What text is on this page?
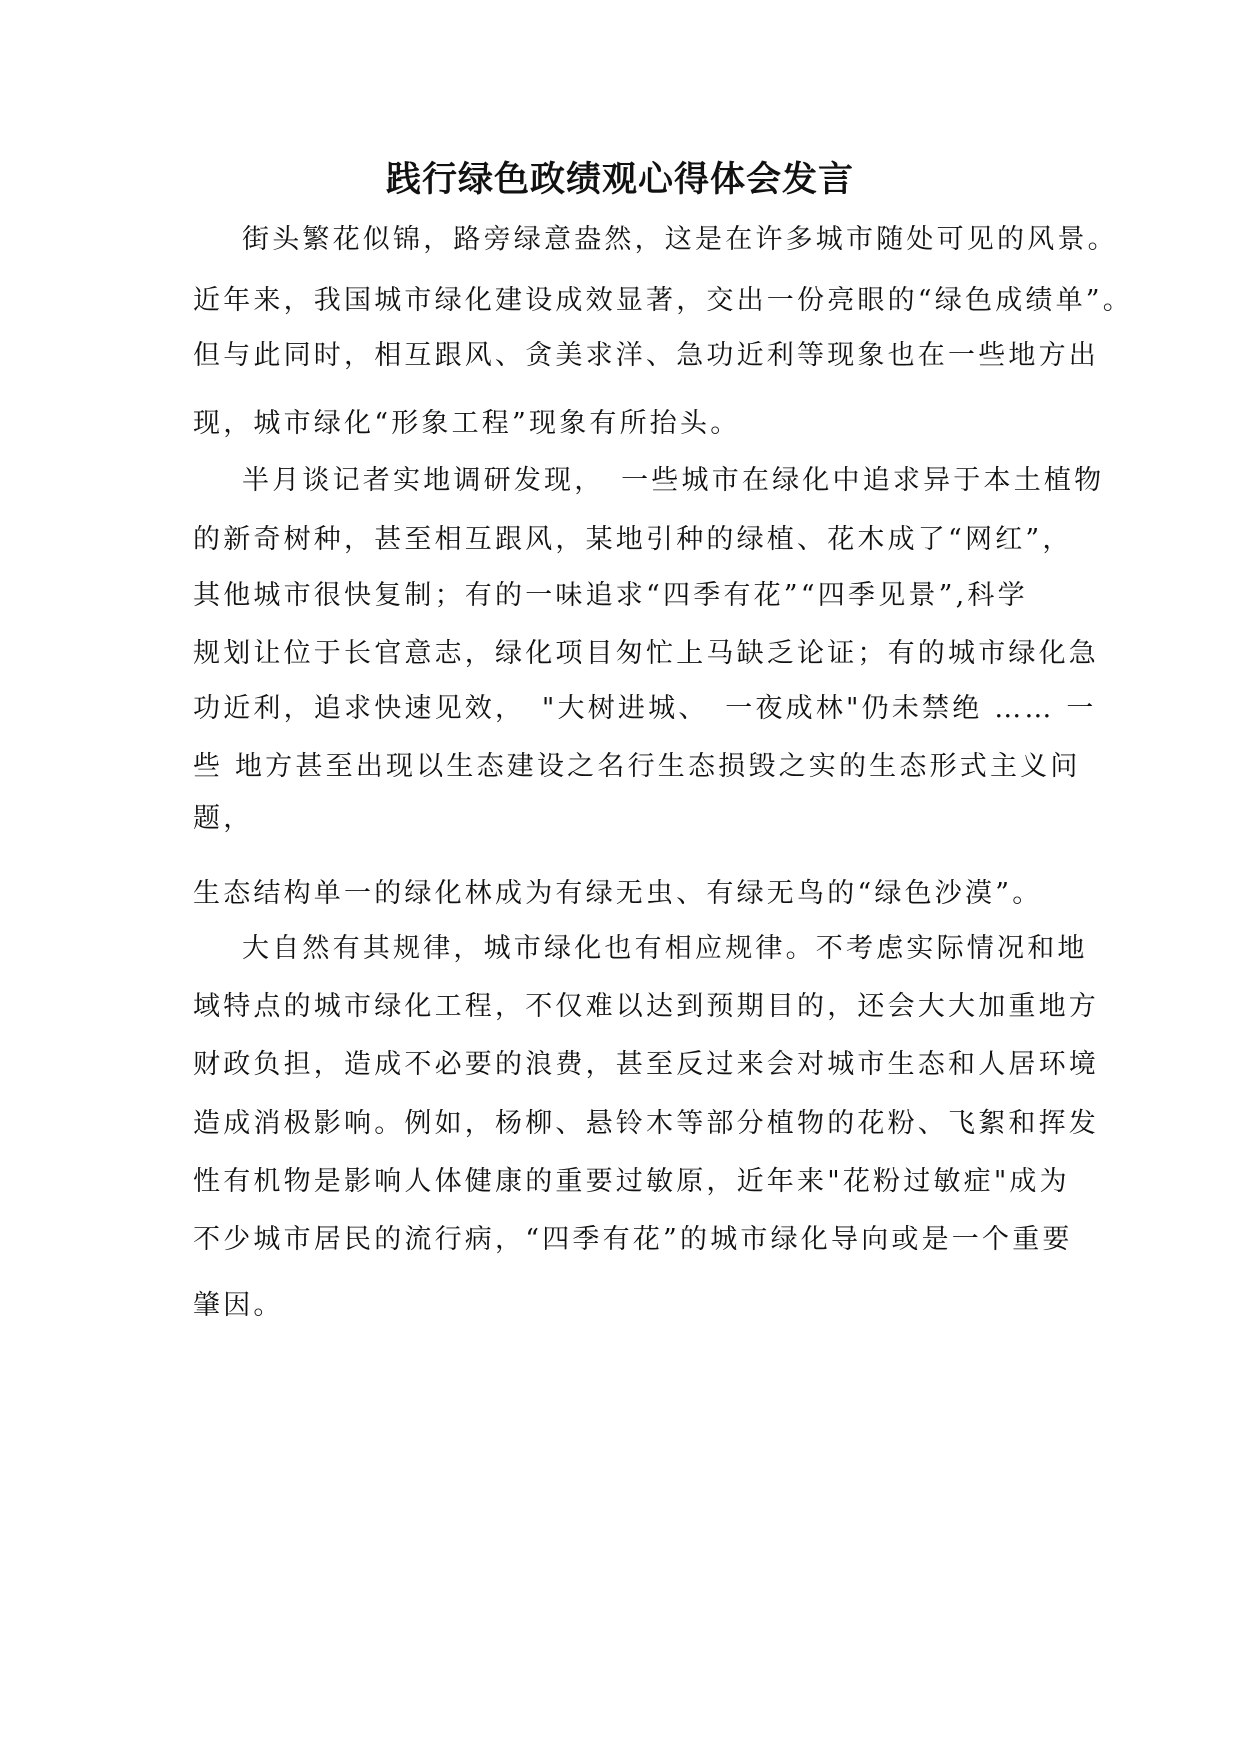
践行绿色政绩观心得体会发言

街头繁花似锦，路旁绿意盎然，这是在许多城市随处可见的风景。

近年来，我国城市绿化建设成效显著，交出一份亮眼的“绿色成绩单”。

但与此同时，相互跟风、贪美求洋、急功近利等现象也在一些地方出

现，城市绿化“形象工程”现象有所抬头。

半月谈记者实地调研发现，　一些城市在绿化中追求异于本土植物

的新奇树种，甚至相互跟风，某地引种的绿植、花木成了“网红”，

其他城市很快复制；有的一味追求“四季有花”“四季见景”,科学

规划让位于长官意志，绿化项目匆忙上马缺乏论证；有的城市绿化急

功近利，追求快速见效，　"大树进城、　一夜成林"仍未禁绝 …… 一

些 地方甚至出现以生态建设之名行生态损毁之实的生态形式主义问

题，

生态结构单一的绿化林成为有绿无虫、有绿无鸟的“绿色沙漠”。

大自然有其规律，城市绿化也有相应规律。不考虑实际情况和地

域特点的城市绿化工程，不仅难以达到预期目的，还会大大加重地方

财政负担，造成不必要的浪费，甚至反过来会对城市生态和人居环境

造成消极影响。例如，杨柳、悬铃木等部分植物的花粉、飞絮和挥发

性有机物是影响人体健康的重要过敏原，近年来"花粉过敏症"成为

不少城市居民的流行病，“四季有花”的城市绿化导向或是一个重要

肇因。
